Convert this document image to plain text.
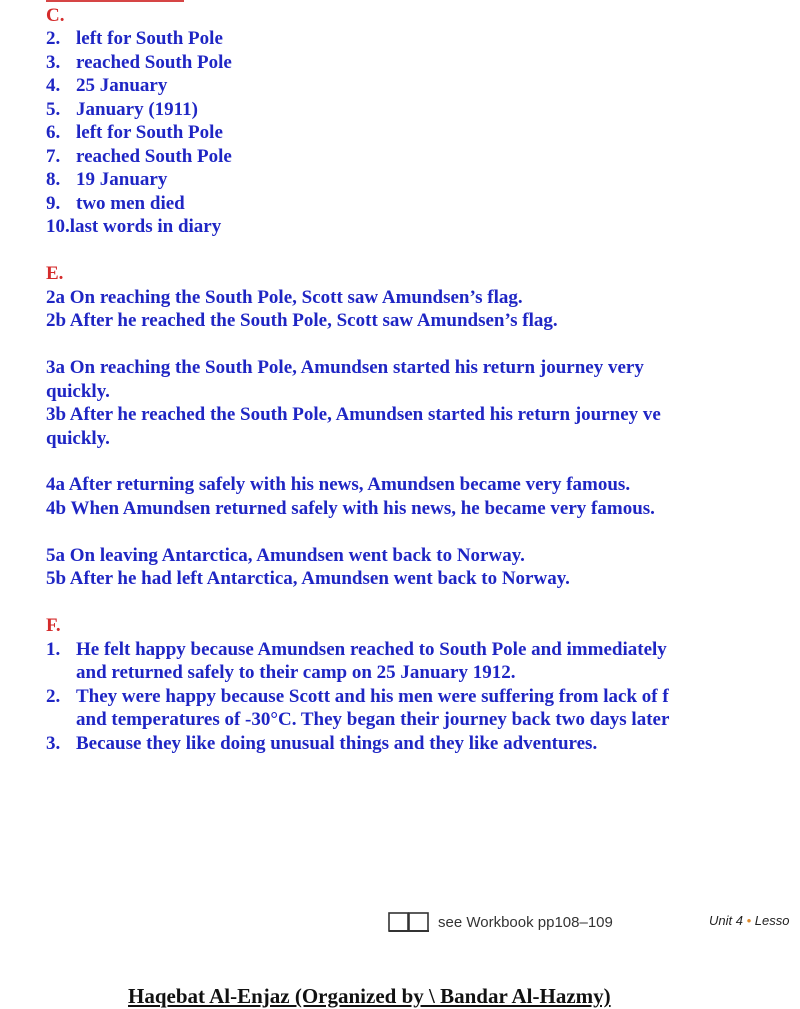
C.
2. left for South Pole
3. reached South Pole
4. 25 January
5. January (1911)
6. left for South Pole
7. reached South Pole
8. 19 January
9. two men died
10.last words in diary
E.
2a On reaching the South Pole, Scott saw Amundsen’s flag.
2b After he reached the South Pole, Scott saw Amundsen’s flag.
3a On reaching the South Pole, Amundsen started his return journey very
quickly.
3b After he reached the South Pole, Amundsen started his return journey ve
quickly.
4a After returning safely with his news, Amundsen became very famous.
4b When Amundsen returned safely with his news, he became very famous.
5a On leaving Antarctica, Amundsen went back to Norway.
5b After he had left Antarctica, Amundsen went back to Norway.
F.
1. He felt happy because Amundsen reached to South Pole and immediately
and returned safely to their camp on 25 January 1912.
2. They were happy because Scott and his men were suffering from lack of f
and temperatures of -30°C. They began their journey back two days later
3. Because they like doing unusual things and they like adventures.
see Workbook pp108–109	Unit 4 • Lesso
Haqebat Al-Enjaz (Organized by \ Bandar Al-Hazmy)
